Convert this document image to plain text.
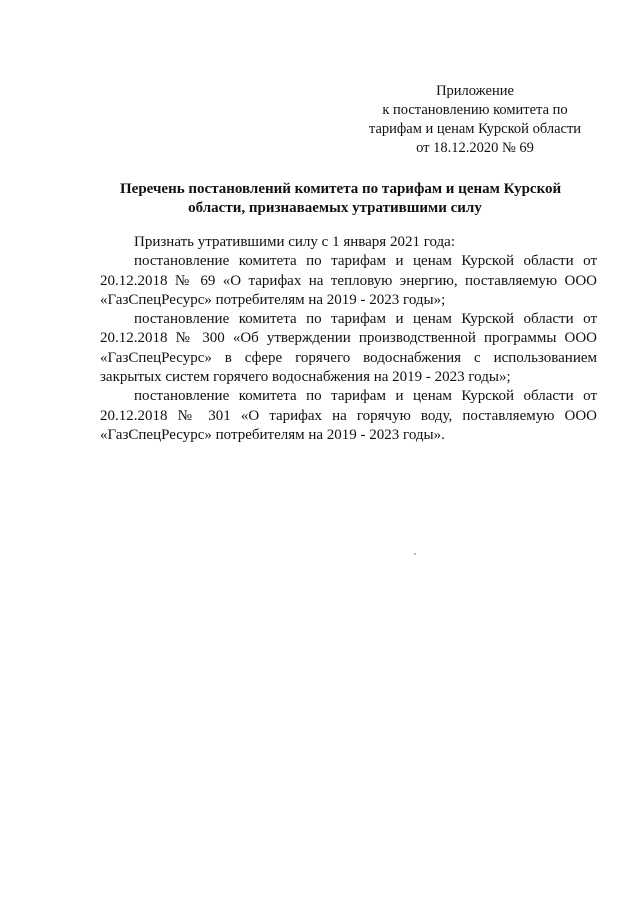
Приложение
к постановлению комитета по
тарифам и ценам Курской области
от 18.12.2020 № 69
Перечень постановлений комитета по тарифам и ценам Курской
области, признаваемых утратившими силу

Признать утратившими силу с 1 января 2021 года:

постановление комитета по тарифам и ценам Курской области от 20.12.2018 № 69 «О тарифах на тепловую энергию, поставляемую ООО «ГазСпецРесурс» потребителям на 2019 - 2023 годы»;

постановление комитета по тарифам и ценам Курской области от 20.12.2018 № 300 «Об утверждении производственной программы ООО «ГазСпецРесурс» в сфере горячего водоснабжения с использованием закрытых систем горячего водоснабжения на 2019 - 2023 годы»;

постановление комитета по тарифам и ценам Курской области от 20.12.2018 № 301 «О тарифах на горячую воду, поставляемую ООО «ГазСпецРесурс» потребителям на 2019 - 2023 годы».
